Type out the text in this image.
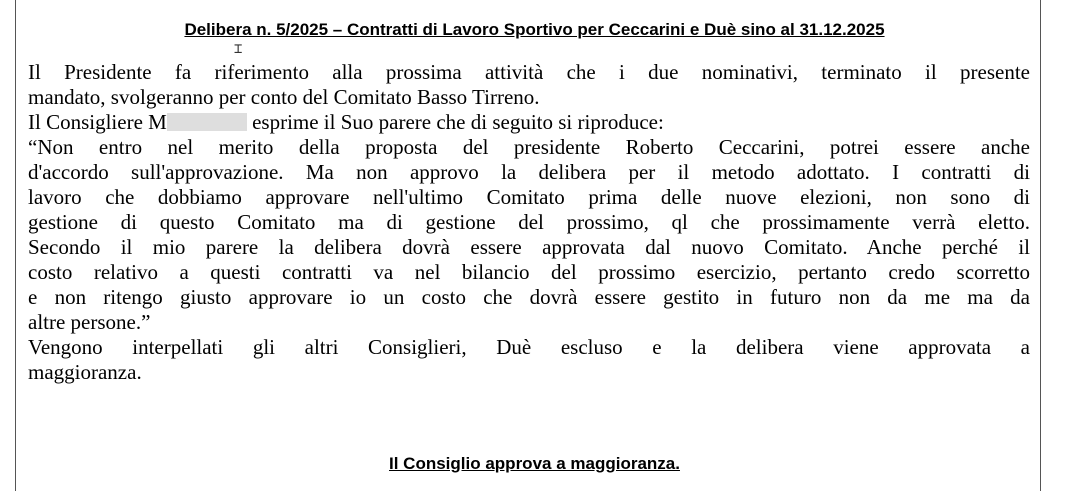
Delibera n. 5/2025 – Contratti di Lavoro Sportivo per Ceccarini e Duè sino al 31.12.2025
⌶
Il Presidente fa riferimento alla prossima attività che i due nominativi, terminato il presente
mandato, svolgeranno per conto del Comitato Basso Tirreno.
Il Consigliere M	esprime il Suo parere che di seguito si riproduce:
“Non entro nel merito della proposta del presidente Roberto Ceccarini, potrei essere anche
d'accordo sull'approvazione. Ma non approvo la delibera per il metodo adottato. I contratti di
lavoro che dobbiamo approvare nell'ultimo Comitato prima delle nuove elezioni, non sono di
gestione di questo Comitato ma di gestione del prossimo, ql che prossimamente verrà eletto.
Secondo il mio parere la delibera dovrà essere approvata dal nuovo Comitato. Anche perché il
costo relativo a questi contratti va nel bilancio del prossimo esercizio, pertanto credo scorretto
e non ritengo giusto approvare io un costo che dovrà essere gestito in futuro non da me ma da
altre persone.”
Vengono interpellati gli altri Consiglieri, Duè escluso e la delibera viene approvata a
maggioranza.
Il Consiglio approva a maggioranza.
